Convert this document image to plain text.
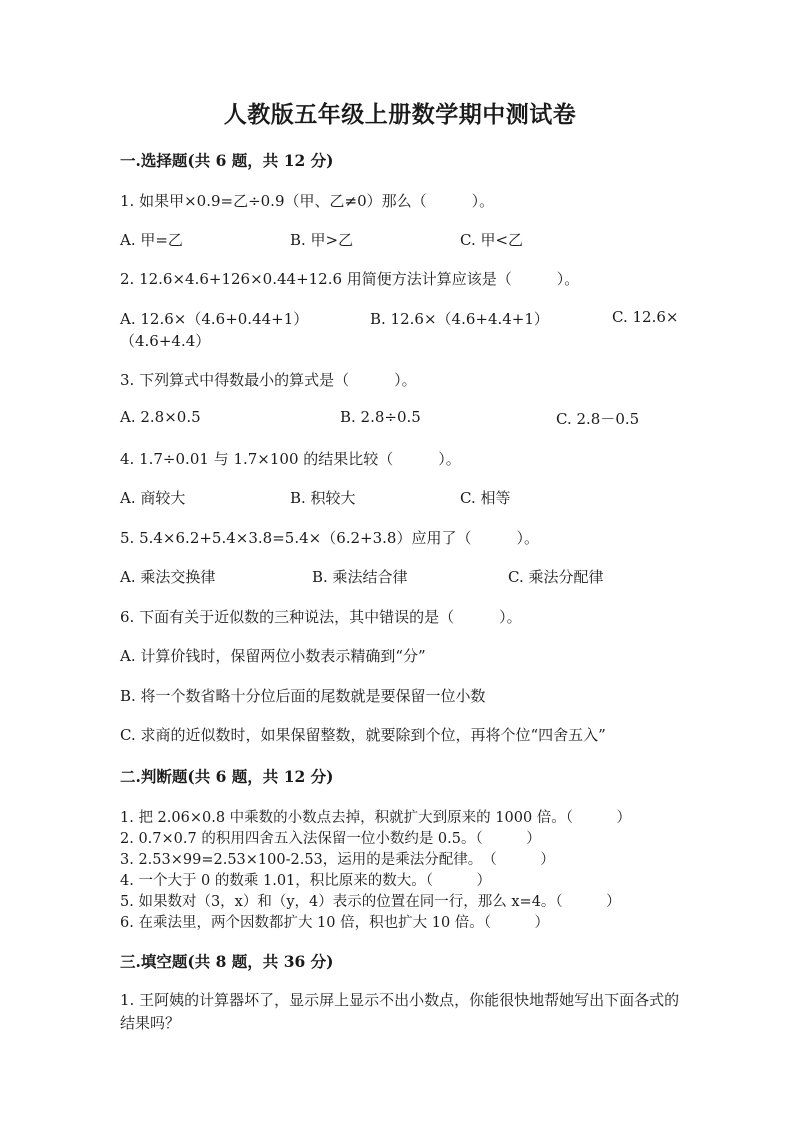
人教版五年级上册数学期中测试卷
一.选择题(共 6 题，共 12 分)
1. 如果甲×0.9=乙÷0.9（甲、乙≠0）那么（　　　）。
A. 甲=乙	B. 甲>乙	C. 甲<乙
2. 12.6×4.6+126×0.44+12.6 用简便方法计算应该是（　　　）。
A. 12.6×（4.6+0.44+1）	B. 12.6×（4.6+4.4+1）	C. 12.6×
（4.6+4.4）
3. 下列算式中得数最小的算式是（　　　）。
A. 2.8×0.5	B. 2.8÷0.5	C. 2.8－0.5
4. 1.7÷0.01 与 1.7×100 的结果比较（　　　）。
A. 商较大	B. 积较大	C. 相等
5. 5.4×6.2+5.4×3.8=5.4×（6.2+3.8）应用了（　　　）。
A. 乘法交换律	B. 乘法结合律	C. 乘法分配律
6. 下面有关于近似数的三种说法，其中错误的是（　　　）。
A. 计算价钱时，保留两位小数表示精确到“分”
B. 将一个数省略十分位后面的尾数就是要保留一位小数
C. 求商的近似数时，如果保留整数，就要除到个位，再将个位“四舍五入”
二.判断题(共 6 题，共 12 分)
1. 把 2.06×0.8 中乘数的小数点去掉，积就扩大到原来的 1000 倍。（　　　）
2. 0.7×0.7 的积用四舍五入法保留一位小数约是 0.5。（　　　）
3. 2.53×99=2.53×100-2.53，运用的是乘法分配律。　（　　　）
4. 一个大于 0 的数乘 1.01，积比原来的数大。（　　　）
5. 如果数对（3，x）和（y，4）表示的位置在同一行，那么 x=4。（　　　）
6. 在乘法里，两个因数都扩大 10 倍，积也扩大 10 倍。（　　　）
三.填空题(共 8 题，共 36 分)
1. 王阿姨的计算器坏了，显示屏上显示不出小数点，你能很快地帮她写出下面各式的结果吗？
